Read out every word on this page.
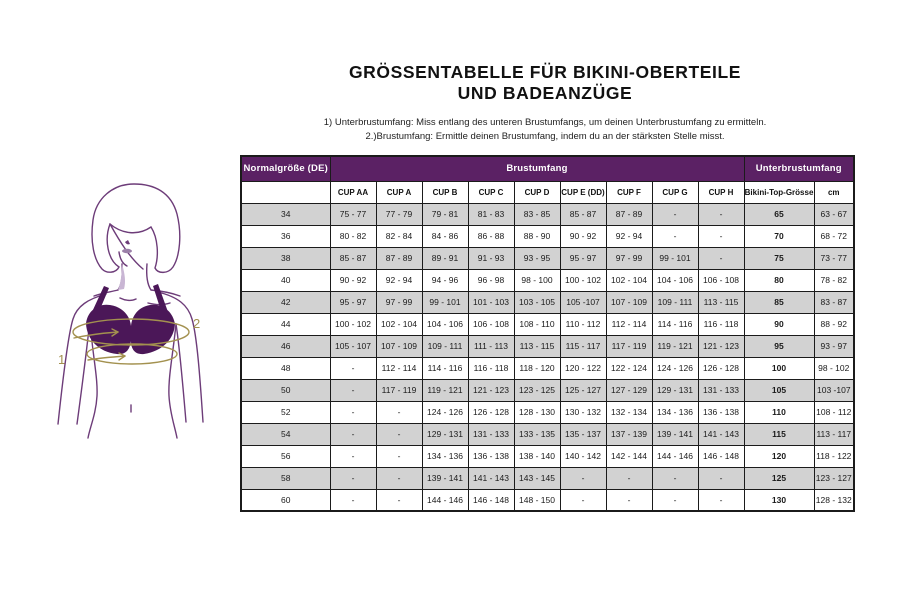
GRÖSSENTABELLE FÜR BIKINI-OBERTEILE
UND BADEANZÜGE
1) Unterbrustumfang: Miss entlang des unteren Brustumfangs, um deinen Unterbrustumfang zu ermitteln.
2.)Brustumfang: Ermittle deinen Brustumfang, indem du an der stärksten Stelle misst.
1
2
Normalgröße (DE)	Brustumfang									Unterbrustumfang	
	CUP AA	CUP A	CUP B	CUP C	CUP D	CUP E (DD)	CUP F	CUP G	CUP H	Bikini-Top-Grösse	cm
34	75 - 77	77 - 79	79 - 81	81 - 83	83 - 85	85 - 87	87 - 89	-	-	65	63 - 67
36	80 - 82	82 - 84	84 - 86	86 - 88	88 - 90	90 - 92	92 - 94	-	-	70	68 - 72
38	85 - 87	87 - 89	89 - 91	91 - 93	93 - 95	95 - 97	97 - 99	99 - 101	-	75	73 - 77
40	90 - 92	92 - 94	94 - 96	96 - 98	98 - 100	100 - 102	102 - 104	104 - 106	106 - 108	80	78 - 82
42	95 - 97	97 - 99	99 - 101	101 - 103	103 - 105	105 -107	107 - 109	109 - 111	113 - 115	85	83 - 87
44	100 - 102	102 - 104	104 - 106	106 - 108	108 - 110	110 - 112	112 - 114	114 - 116	116 - 118	90	88 - 92
46	105 - 107	107 - 109	109 - 111	111 - 113	113 - 115	115 - 117	117 - 119	119 - 121	121 - 123	95	93 - 97
48	-	112 - 114	114 - 116	116 - 118	118 - 120	120 - 122	122 - 124	124 - 126	126 - 128	100	98 - 102
50	-	117 - 119	119 - 121	121 - 123	123 - 125	125 - 127	127 - 129	129 - 131	131 - 133	105	103 -107
52	-	-	124 - 126	126 - 128	128 - 130	130 - 132	132 - 134	134 - 136	136 - 138	110	108 - 112
54	-	-	129 - 131	131 - 133	133 - 135	135 - 137	137 - 139	139 - 141	141 - 143	115	113 - 117
56	-	-	134 - 136	136 - 138	138 - 140	140 - 142	142 - 144	144 - 146	146 - 148	120	118 - 122
58	-	-	139 - 141	141 - 143	143 - 145	-	-	-	-	125	123 - 127
60	-	-	144 - 146	146 - 148	148 - 150	-	-	-	-	130	128 - 132
